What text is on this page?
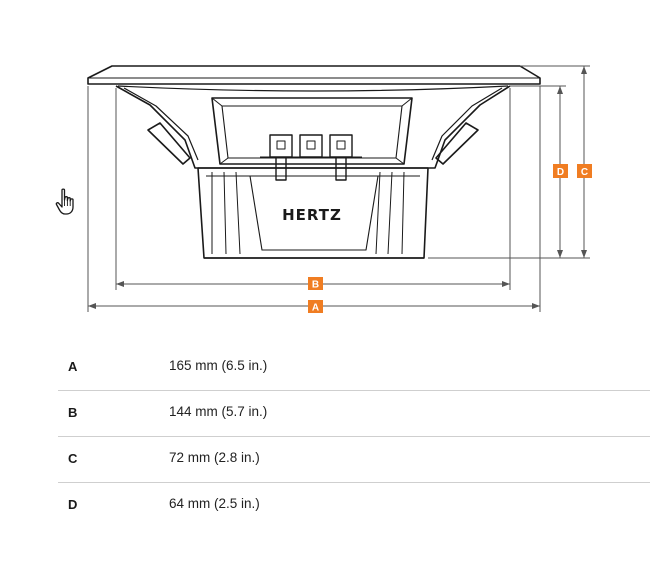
HERTZ
A
B
D C
A	165 mm (6.5 in.)
B	144 mm (5.7 in.)
C	72 mm (2.8 in.)
D	64 mm (2.5 in.)
